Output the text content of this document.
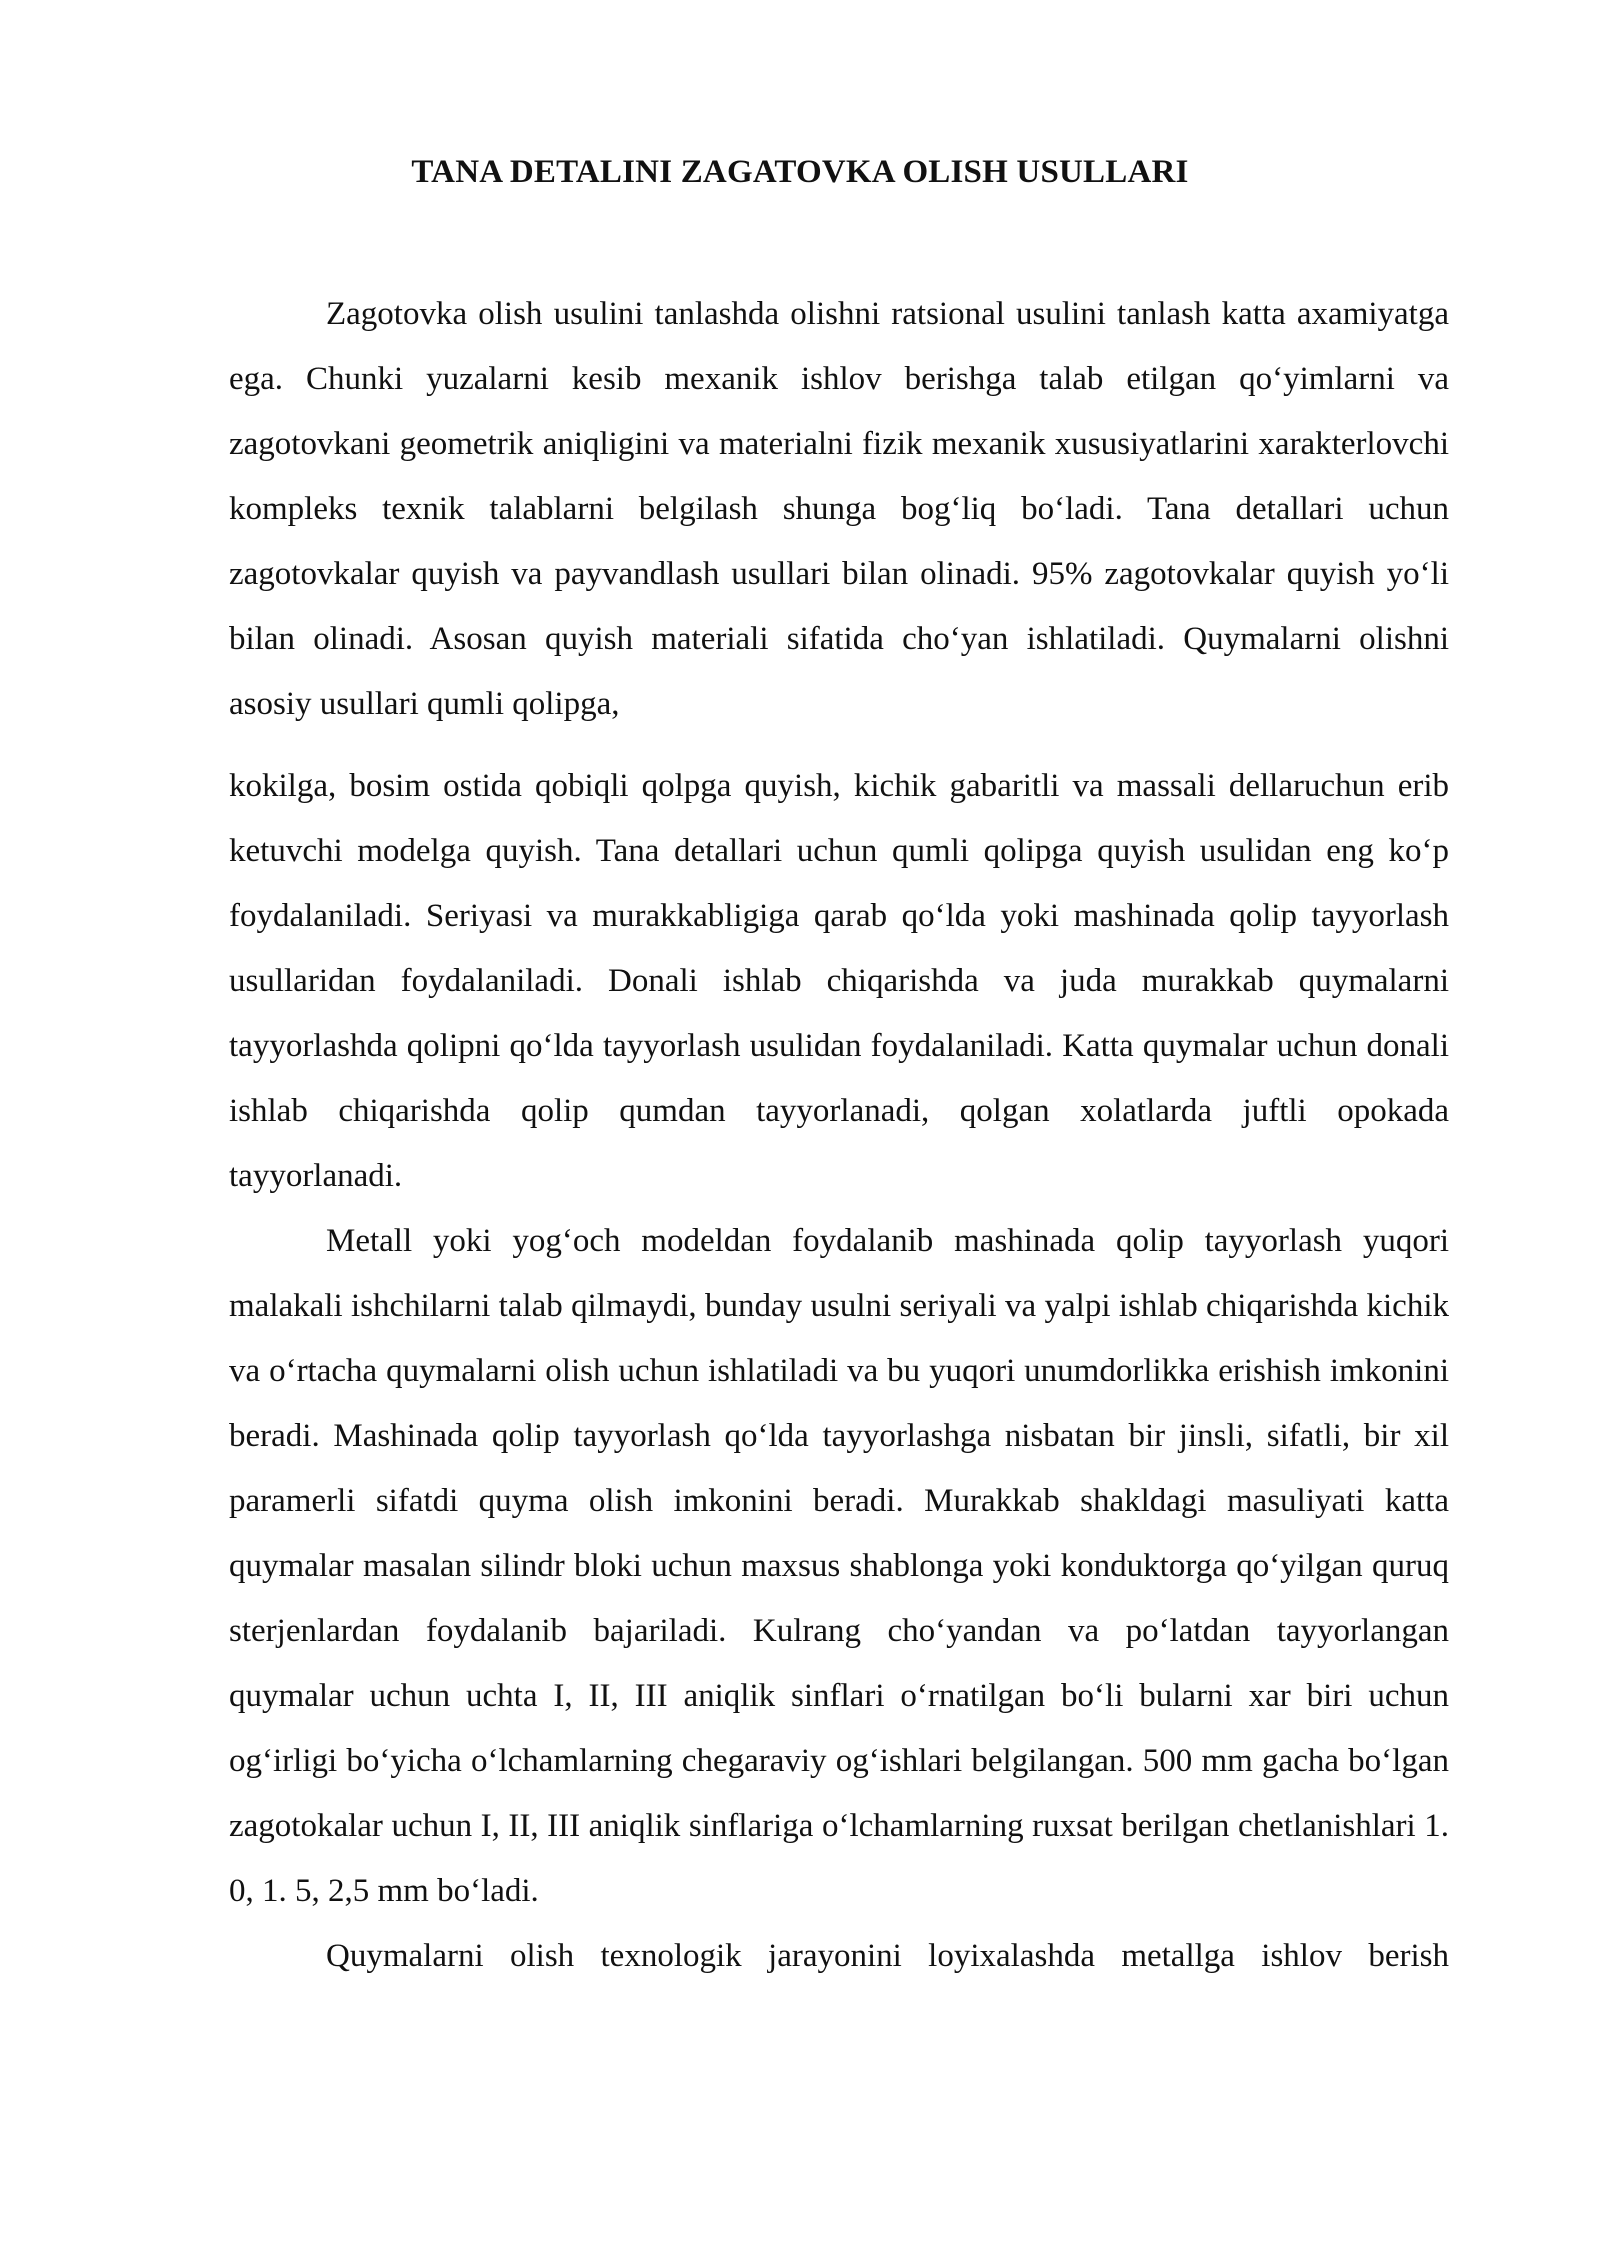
TANA DETALINI ZAGATOVKA OLISH USULLARI

Zagotovka olish usulini tanlashda olishni ratsional usulini tanlash katta axamiyatga ega. Chunki yuzalarni kesib mexanik ishlov berishga talab etilgan qo‘yimlarni va zagotovkani geometrik aniqligini va materialni fizik mexanik xususiyatlarini xarakterlovchi kompleks texnik talablarni belgilash shunga bog‘liq bo‘ladi. Tana detallari uchun zagotovkalar quyish va payvandlash usullari bilan olinadi. 95% zagotovkalar quyish yo‘li bilan olinadi. Asosan quyish materiali sifatida cho‘yan ishlatiladi. Quymalarni olishni asosiy usullari qumli qolipga,

kokilga, bosim ostida qobiqli qolpga quyish, kichik gabaritli va massali dellaruchun erib ketuvchi modelga quyish. Tana detallari uchun qumli qolipga quyish usulidan eng ko‘p foydalaniladi. Seriyasi va murakkabligiga qarab qo‘lda yoki mashinada qolip tayyorlash usullaridan foydalaniladi. Donali ishlab chiqarishda va juda murakkab quymalarni tayyorlashda qolipni qo‘lda tayyorlash usulidan foydalaniladi. Katta quymalar uchun donali ishlab chiqarishda qolip qumdan tayyorlanadi, qolgan xolatlarda juftli opokada tayyorlanadi.

Metall yoki yog‘och modeldan foydalanib mashinada qolip tayyorlash yuqori malakali ishchilarni talab qilmaydi, bunday usulni seriyali va yalpi ishlab chiqarishda kichik va o‘rtacha quymalarni olish uchun ishlatiladi va bu yuqori unumdorlikka erishish imkonini beradi. Mashinada qolip tayyorlash qo‘lda tayyorlashga nisbatan bir jinsli, sifatli, bir xil paramerli sifatdi quyma olish imkonini beradi. Murakkab shakldagi masuliyati katta quymalar masalan silindr bloki uchun maxsus shablonga yoki konduktorga qo‘yilgan quruq sterjenlardan foydalanib bajariladi. Kulrang cho‘yandan va po‘latdan tayyorlangan quymalar uchun uchta I, II, III aniqlik sinflari o‘rnatilgan bo‘li bularni xar biri uchun og‘irligi bo‘yicha o‘lchamlarning chegaraviy og‘ishlari belgilangan. 500 mm gacha bo‘lgan zagotokalar uchun I, II, III aniqlik sinflariga o‘lchamlarning ruxsat berilgan chetlanishlari 1. 0, 1. 5, 2,5 mm bo‘ladi.

Quymalarni olish texnologik jarayonini loyixalashda metallga ishlov berish
